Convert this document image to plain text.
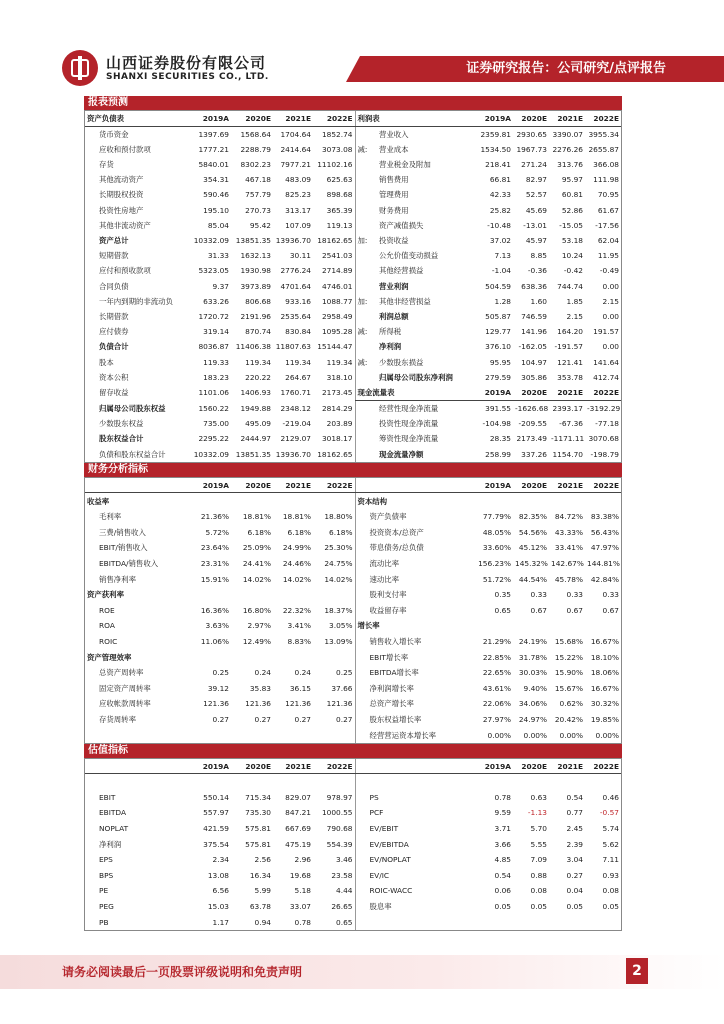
山西证券股份有限公司
SHANXI SECURITIES CO., LTD.
证券研究报告：公司研究/点评报告
报表预测
资产负债表	2019A	2020E	2021E	2022E	利润表		2019A	2020E	2021E	2022E
货币资金	1397.69	1568.64	1704.64	1852.74		营业收入	2359.81	2930.65	3390.07	3955.34
应收和预付款项	1777.21	2288.79	2414.64	3073.08	减:	营业成本	1534.50	1967.73	2276.26	2655.87
存货	5840.01	8302.23	7977.21	11102.16		营业税金及附加	218.41	271.24	313.76	366.08
其他流动资产	354.31	467.18	483.09	625.63		销售费用	66.81	82.97	95.97	111.98
长期股权投资	590.46	757.79	825.23	898.68		管理费用	42.33	52.57	60.81	70.95
投资性房地产	195.10	270.73	313.17	365.39		财务费用	25.82	45.69	52.86	61.67
其他非流动资产	85.04	95.42	107.09	119.13		资产减值损失	-10.48	-13.01	-15.05	-17.56
资产总计	10332.09	13851.35	13936.70	18162.65	加:	投资收益	37.02	45.97	53.18	62.04
短期借款	31.33	1632.13	30.11	2541.03		公允价值变动损益	7.13	8.85	10.24	11.95
应付和预收款项	5323.05	1930.98	2776.24	2714.89		其他经营损益	-1.04	-0.36	-0.42	-0.49
合同负债	9.37	3973.89	4701.64	4746.01		营业利润	504.59	638.36	744.74	0.00
一年内到期的非流动负	633.26	806.68	933.16	1088.77	加:	其他非经营损益	1.28	1.60	1.85	2.15
长期借款	1720.72	2191.96	2535.64	2958.49		利润总额	505.87	746.59	2.15	0.00
应付债券	319.14	870.74	830.84	1095.28	减:	所得税	129.77	141.96	164.20	191.57
负债合计	8036.87	11406.38	11807.63	15144.47		净利润	376.10	-162.05	-191.57	0.00
股本	119.33	119.34	119.34	119.34	减:	少数股东损益	95.95	104.97	121.41	141.64
资本公积	183.23	220.22	264.67	318.10		归属母公司股东净利润	279.59	305.86	353.78	412.74
留存收益	1101.06	1406.93	1760.71	2173.45	现金流量表		2019A	2020E	2021E	2022E
归属母公司股东权益	1560.22	1949.88	2348.12	2814.29		经营性现金净流量	391.55	-1626.68	2393.17	-3192.29
少数股东权益	735.00	495.09	-219.04	203.89		投资性现金净流量	-104.98	-209.55	-67.36	-77.18
股东权益合计	2295.22	2444.97	2129.07	3018.17		筹资性现金净流量	28.35	2173.49	-1171.11	3070.68
负债和股东权益合计	10332.09	13851.35	13936.70	18162.65		现金流量净额	258.99	337.26	1154.70	-198.79
财务分析指标
	2019A	2020E	2021E	2022E		2019A	2020E	2021E	2022E
收益率					资本结构				
毛利率	21.36%	18.81%	18.81%	18.80%	资产负债率	77.79%	82.35%	84.72%	83.38%
三费/销售收入	5.72%	6.18%	6.18%	6.18%	投资资本/总资产	48.05%	54.56%	43.33%	56.43%
EBIT/销售收入	23.64%	25.09%	24.99%	25.30%	带息债务/总负债	33.60%	45.12%	33.41%	47.97%
EBITDA/销售收入	23.31%	24.41%	24.46%	24.75%	流动比率	156.23%	145.32%	142.67%	144.81%
销售净利率	15.91%	14.02%	14.02%	14.02%	速动比率	51.72%	44.54%	45.78%	42.84%
资产获利率					股利支付率	0.35	0.33	0.33	0.33
ROE	16.36%	16.80%	22.32%	18.37%	收益留存率	0.65	0.67	0.67	0.67
ROA	3.63%	2.97%	3.41%	3.05%	增长率				
ROIC	11.06%	12.49%	8.83%	13.09%	销售收入增长率	21.29%	24.19%	15.68%	16.67%
资产管理效率					EBIT增长率	22.85%	31.78%	15.22%	18.10%
总资产周转率	0.25	0.24	0.24	0.25	EBITDA增长率	22.65%	30.03%	15.90%	18.06%
固定资产周转率	39.12	35.83	36.15	37.66	净利润增长率	43.61%	9.40%	15.67%	16.67%
应收帐款周转率	121.36	121.36	121.36	121.36	总资产增长率	22.06%	34.06%	0.62%	30.32%
存货周转率	0.27	0.27	0.27	0.27	股东权益增长率	27.97%	24.97%	20.42%	19.85%
					经营营运资本增长率	0.00%	0.00%	0.00%	0.00%
估值指标
	2019A	2020E	2021E	2022E		2019A	2020E	2021E	2022E

EBIT	550.14	715.34	829.07	978.97	PS	0.78	0.63	0.54	0.46
EBITDA	557.97	735.30	847.21	1000.55	PCF	9.59	-1.13	0.77	-0.57
NOPLAT	421.59	575.81	667.69	790.68	EV/EBIT	3.71	5.70	2.45	5.74
净利润	375.54	575.81	475.19	554.39	EV/EBITDA	3.66	5.55	2.39	5.62
EPS	2.34	2.56	2.96	3.46	EV/NOPLAT	4.85	7.09	3.04	7.11
BPS	13.08	16.34	19.68	23.58	EV/IC	0.54	0.88	0.27	0.93
PE	6.56	5.99	5.18	4.44	ROIC-WACC	0.06	0.08	0.04	0.08
PEG	15.03	63.78	33.07	26.65	股息率	0.05	0.05	0.05	0.05
PB	1.17	0.94	0.78	0.65					
请务必阅读最后一页股票评级说明和免责声明	2
